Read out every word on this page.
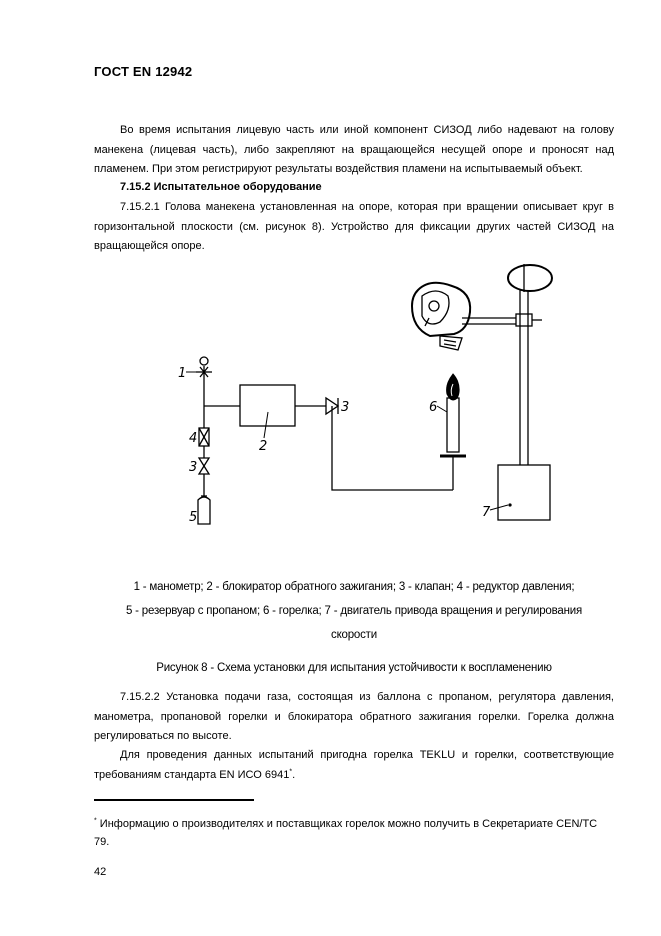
ГОСТ EN 12942

Во время испытания лицевую часть или иной компонент СИЗОД либо надевают на голову манекена (лицевая часть), либо закрепляют на вращающейся несущей опоре и проносят над пламенем. При этом регистрируют результаты воздействия пламени на испытываемый объект.

7.15.2 Испытательное оборудование

7.15.2.1 Голова манекена установленная на опоре, которая при вращении описывает круг в горизонтальной плоскости (см. рисунок 8). Устройство для фиксации других частей СИЗОД на вращающейся опоре.

1
2
3
4
3
5
6
7
1 - манометр; 2 - блокиратор обратного зажигания; 3 - клапан; 4 - редуктор давления;
5 - резервуар с пропаном; 6 - горелка; 7 - двигатель привода вращения и регулирования
скорости
Рисунок 8 - Схема установки для испытания устойчивости к воспламенению

7.15.2.2 Установка подачи газа, состоящая из баллона с пропаном, регулятора давления, манометра, пропановой горелки и блокиратора обратного зажигания горелки. Горелка должна регулироваться по высоте.

Для проведения данных испытаний пригодна горелка TEKLU и горелки, соответствующие требованиям стандарта EN ИСО 6941*.

* Информацию о производителях и поставщиках горелок можно получить в Секретариате CEN/TC 79.

42
